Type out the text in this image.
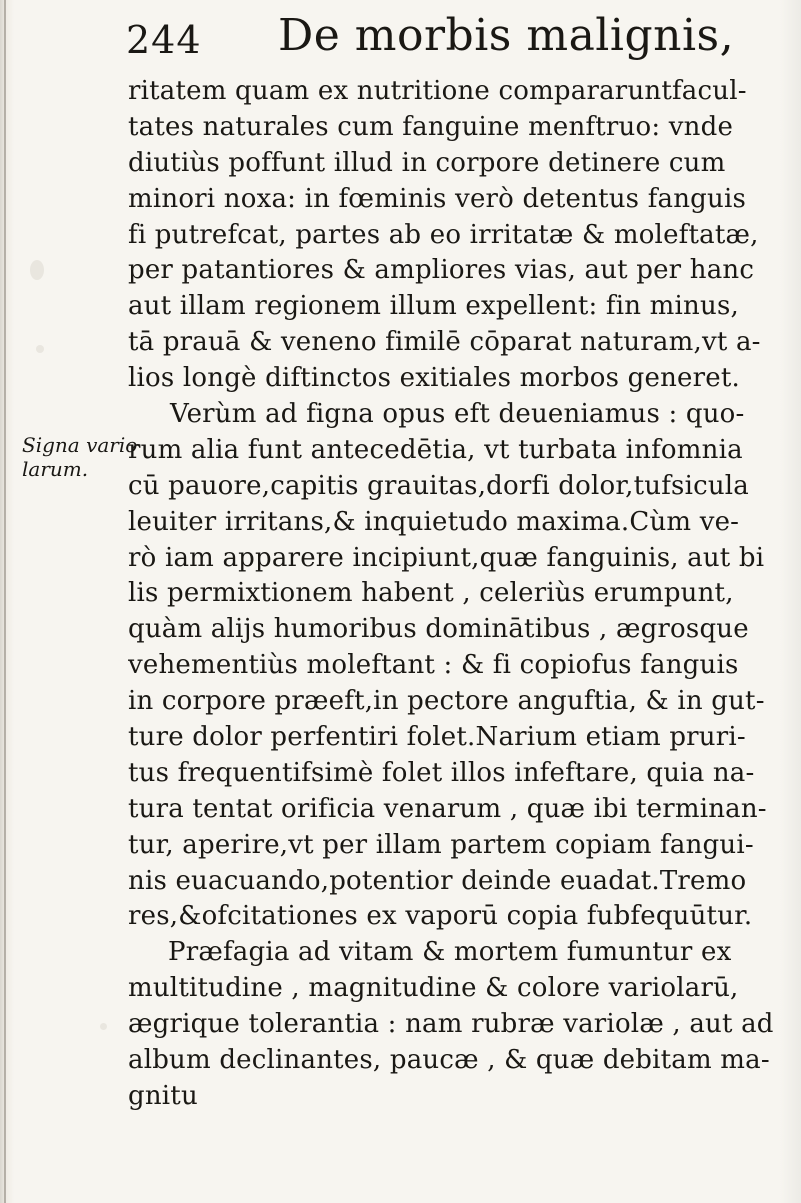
244 De morbis malignis,
Signa vario
larum.
ritatem quam ex nutritione compararuntfacul-
tates naturales cum fanguine menftruo: vnde
diutiùs poffunt illud in corpore detinere cum
minori noxa: in fœminis verò detentus fanguis
fi putrefcat, partes ab eo irritatæ & moleftatæ,
per patantiores & ampliores vias, aut per hanc
aut illam regionem illum expellent: fin minus,
tā prauā & veneno fimilē cōparat naturam,vt a-
lios longè diftinctos exitiales morbos generet.
Verùm ad figna opus eft deueniamus : quo-
rum alia funt antecedētia, vt turbata infomnia
cū pauore,capitis grauitas,dorfi dolor,tufsicula
leuiter irritans,& inquietudo maxima.Cùm ve-
rò iam apparere incipiunt,quæ fanguinis, aut bi
lis permixtionem habent , celeriùs erumpunt,
quàm alijs humoribus dominātibus , ægrosque
vehementiùs moleftant : & fi copiofus fanguis
in corpore præeft,in pectore anguftia, & in gut-
ture dolor perfentiri folet.Narium etiam pruri-
tus frequentifsimè folet illos infeftare, quia na-
tura tentat orificia venarum , quæ ibi terminan-
tur, aperire,vt per illam partem copiam fangui-
nis euacuando,potentior deinde euadat.Tremo
res,&ofcitationes ex vaporū copia fubfequūtur.
Præfagia ad vitam & mortem fumuntur ex
multitudine , magnitudine & colore variolarū,
ægrique tolerantia : nam rubræ variolæ , aut ad
album declinantes, paucæ , & quæ debitam ma-
gnitu
